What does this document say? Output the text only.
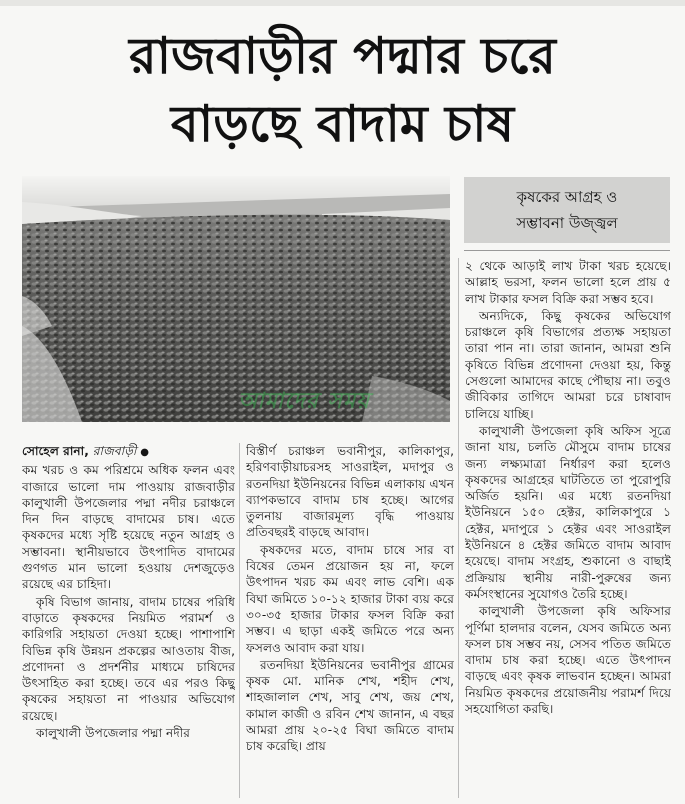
রাজবাড়ীর পদ্মার চরে
বাড়ছে বাদাম চাষ
আমাদের সময়
কৃষকের আগ্রহ ও
সম্ভাবনা উজ্জ্বল

সোহেল রানা, রাজবাড়ী ●

কম খরচ ও কম পরিশ্রমে অধিক ফলন এবং বাজারে ভালো দাম পাওয়ায় রাজবাড়ীর কালুখালী উপজেলার পদ্মা নদীর চরাঞ্চলে দিন দিন বাড়ছে বাদামের চাষ। এতে কৃষকদের মধ্যে সৃষ্টি হয়েছে নতুন আগ্রহ ও সম্ভাবনা। স্থানীয়ভাবে উৎপাদিত বাদামের গুণগত মান ভালো হওয়ায় দেশজুড়েও রয়েছে এর চাহিদা।

কৃষি বিভাগ জানায়, বাদাম চাষের পরিধি বাড়াতে কৃষকদের নিয়মিত পরামর্শ ও কারিগরি সহায়তা দেওয়া হচ্ছে। পাশাপাশি বিভিন্ন কৃষি উন্নয়ন প্রকল্পের আওতায় বীজ, প্রণোদনা ও প্রদর্শনীর মাধ্যমে চাষিদের উৎসাহিত করা হচ্ছে। তবে এর পরও কিছু কৃষকের সহায়তা না পাওয়ার অভিযোগ রয়েছে।

কালুখালী উপজেলার পদ্মা নদীর

বিস্তীর্ণ চরাঞ্চল ভবানীপুর, কালিকাপুর, হরিণবাড়ীয়াচরসহ সাওরাইল, মদাপুর ও রতনদিয়া ইউনিয়নের বিভিন্ন এলাকায় এখন ব্যাপকভাবে বাদাম চাষ হচ্ছে। আগের তুলনায় বাজারমূল্য বৃদ্ধি পাওয়ায় প্রতিবছরই বাড়ছে আবাদ।

কৃষকদের মতে, বাদাম চাষে সার বা বিষের তেমন প্রয়োজন হয় না, ফলে উৎপাদন খরচ কম এবং লাভ বেশি। এক বিঘা জমিতে ১০-১২ হাজার টাকা ব্যয় করে ৩০-৩৫ হাজার টাকার ফসল বিক্রি করা সম্ভব। এ ছাড়া একই জমিতে পরে অন্য ফসলও আবাদ করা যায়।

রতনদিয়া ইউনিয়নের ভবানীপুর গ্রামের কৃষক মো. মানিক শেখ, শহীদ শেখ, শাহজালাল শেখ, সাবু শেখ, জয় শেখ, কামাল কাজী ও রবিন শেখ জানান, এ বছর আমরা প্রায় ২০-২৫ বিঘা জমিতে বাদাম চাষ করেছি। প্রায়

২ থেকে আড়াই লাখ টাকা খরচ হয়েছে। আল্লাহ ভরসা, ফলন ভালো হলে প্রায় ৫ লাখ টাকার ফসল বিক্রি করা সম্ভব হবে।

অন্যদিকে, কিছু কৃষকের অভিযোগ চরাঞ্চলে কৃষি বিভাগের প্রত্যক্ষ সহায়তা তারা পান না। তারা জানান, আমরা শুনি কৃষিতে বিভিন্ন প্রণোদনা দেওয়া হয়, কিন্তু সেগুলো আমাদের কাছে পৌছায় না। তবুও জীবিকার তাগিদে আমরা চরে চাষাবাদ চালিয়ে যাচ্ছি।

কালুখালী উপজেলা কৃষি অফিস সূত্রে জানা যায়, চলতি মৌসুমে বাদাম চাষের জন্য লক্ষ্যমাত্রা নির্ধারণ করা হলেও কৃষকদের আগ্রহের ঘাটতিতে তা পুরোপুরি অর্জিত হয়নি। এর মধ্যে রতনদিয়া ইউনিয়নে ১৫০ হেক্টর, কালিকাপুরে ১ হেক্টর, মদাপুরে ১ হেক্টর এবং সাওরাইল ইউনিয়নে ৪ হেক্টর জমিতে বাদাম আবাদ হয়েছে। বাদাম সংগ্রহ, শুকানো ও বাছাই প্রক্রিয়ায় স্থানীয় নারী-পুরুষের জন্য কর্মসংস্থানের সুযোগও তৈরি হচ্ছে।

কালুখালী উপজেলা কৃষি অফিসার পূর্ণিমা হালদার বলেন, যেসব জমিতে অন্য ফসল চাষ সম্ভব নয়, সেসব পতিত জমিতে বাদাম চাষ করা হচ্ছে। এতে উৎপাদন বাড়ছে এবং কৃষক লাভবান হচ্ছেন। আমরা নিয়মিত কৃষকদের প্রয়োজনীয় পরামর্শ দিয়ে সহযোগিতা করছি।
